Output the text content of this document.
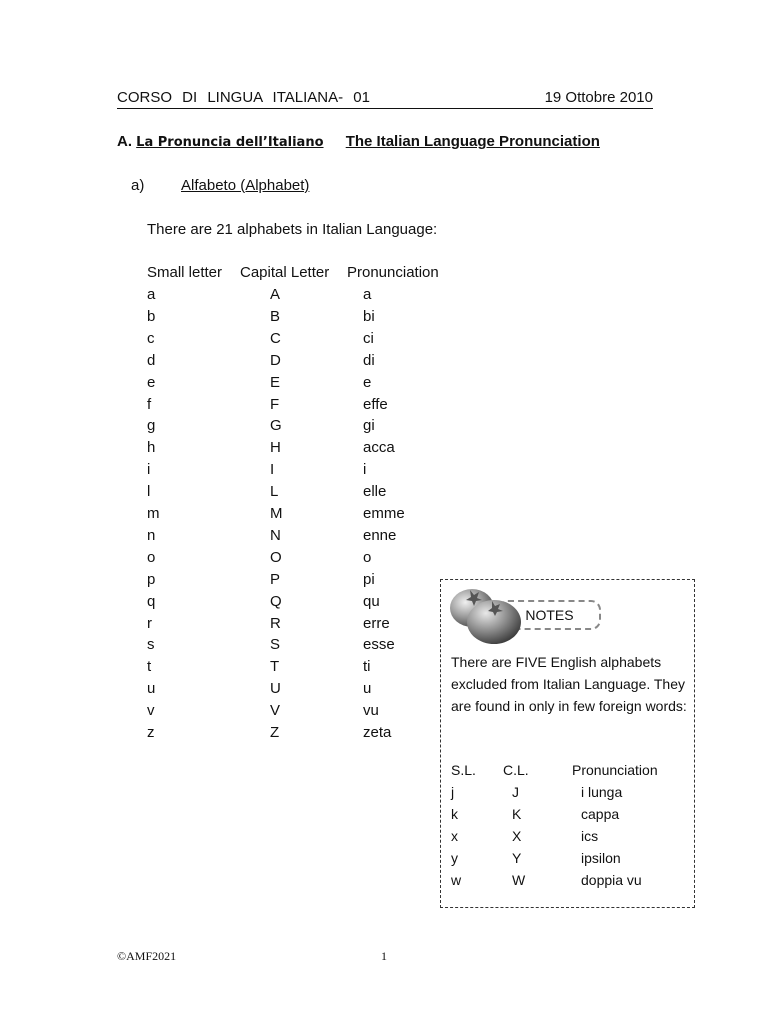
CORSO DI LINGUA ITALIANA- 01	19 Ottobre 2010
A. La Pronuncia dell’Italiano The Italian Language Pronunciation
a) Alfabeto (Alphabet)
There are 21 alphabets in Italian Language:
Small letter Capital Letter Pronunciation
a	A	a
b	B	bi
c	C	ci
d	D	di
e	E	e
f	F	effe
g	G	gi
h	H	acca
i	I	i
l	L	elle
m	M	emme
n	N	enne
o	O	o
p	P	pi
q	Q	qu
r	R	erre
s	S	esse
t	T	ti
u	U	u
v	V	vu
z	Z	zeta
NOTES
There are FIVE English alphabets excluded from Italian Language. They are found in only in few foreign words:
S.L. C.L.	Pronunciation
j	J	i lunga
k	K	cappa
x	X	ics
y	Y	ipsilon
w	W	doppia vu
©AMF2021	1
